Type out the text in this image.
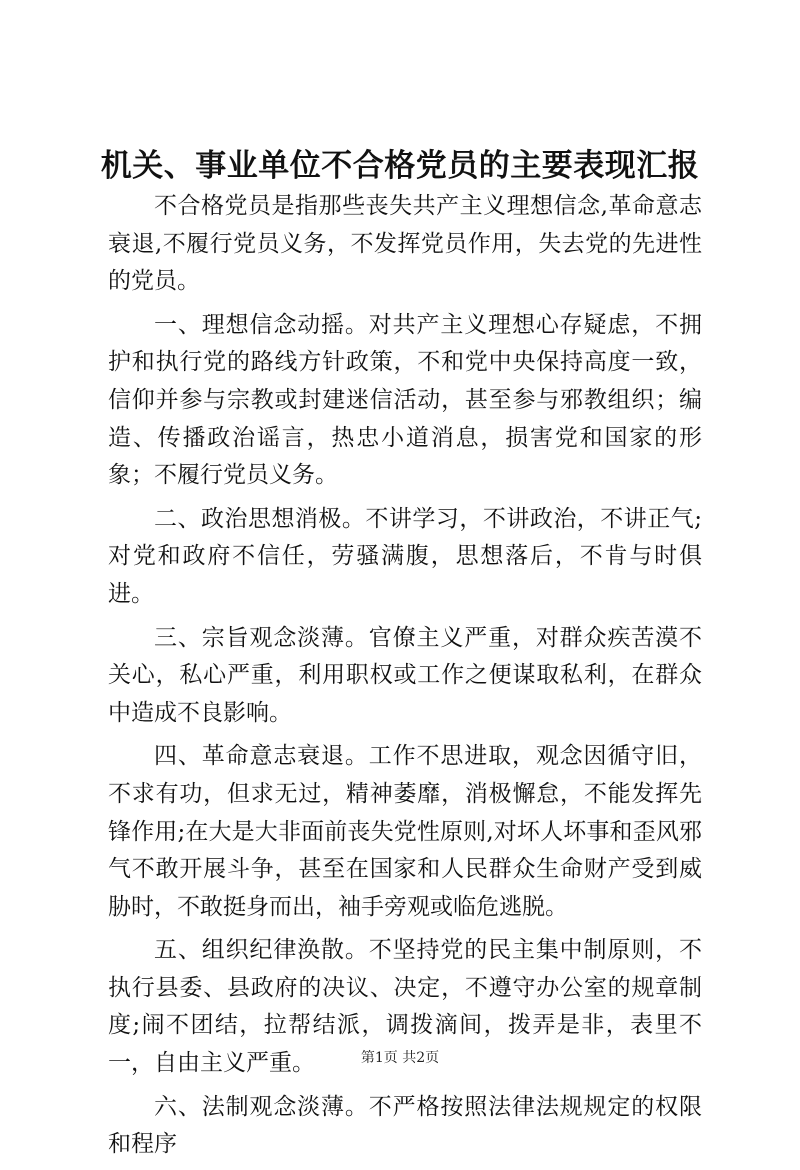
机关、事业单位不合格党员的主要表现汇报

不合格党员是指那些丧失共产主义理想信念,革命意志衰退,不履行党员义务，不发挥党员作用，失去党的先进性的党员。

一、理想信念动摇。对共产主义理想心存疑虑，不拥护和执行党的路线方针政策，不和党中央保持高度一致，信仰并参与宗教或封建迷信活动，甚至参与邪教组织；编造、传播政治谣言，热忠小道消息，损害党和国家的形象；不履行党员义务。

二、政治思想消极。不讲学习，不讲政治，不讲正气;对党和政府不信任，劳骚满腹，思想落后，不肯与时俱进。

三、宗旨观念淡薄。官僚主义严重，对群众疾苦漠不关心，私心严重，利用职权或工作之便谋取私利，在群众中造成不良影响。

四、革命意志衰退。工作不思进取，观念因循守旧，不求有功，但求无过，精神萎靡，消极懈怠，不能发挥先锋作用;在大是大非面前丧失党性原则,对坏人坏事和歪风邪气不敢开展斗争，甚至在国家和人民群众生命财产受到威胁时，不敢挺身而出，袖手旁观或临危逃脱。

五、组织纪律涣散。不坚持党的民主集中制原则，不执行县委、县政府的决议、决定，不遵守办公室的规章制度;闹不团结，拉帮结派，调拨滴间，拨弄是非，表里不一，自由主义严重。

六、法制观念淡薄。不严格按照法律法规规定的权限和程序

第1页 共2页
